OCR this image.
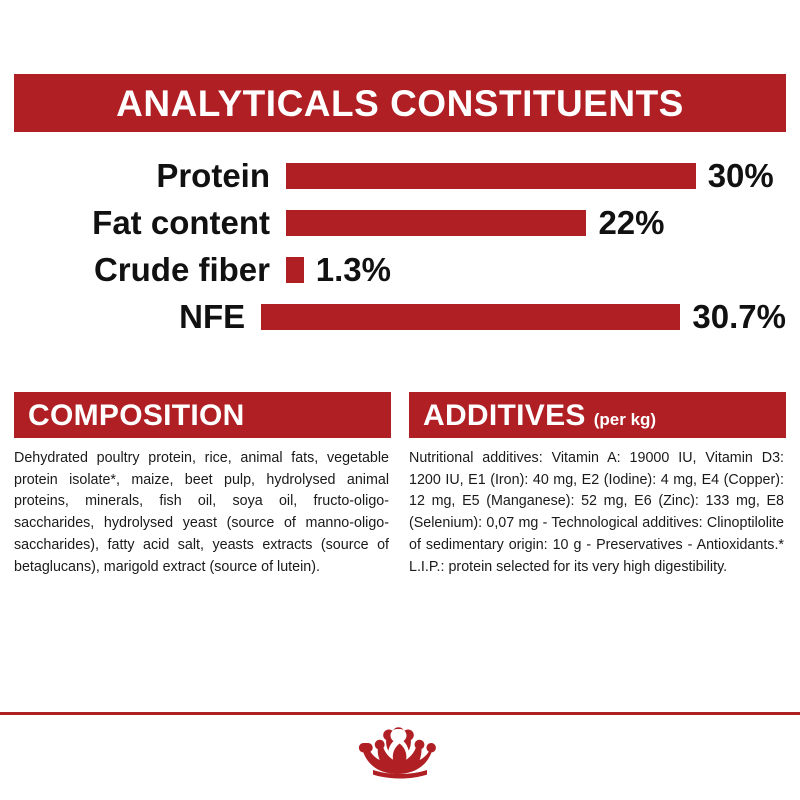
ANALYTICALS CONSTITUENTS
Protein	30%
Fat content	22%
Crude fiber	1.3%
NFE	30.7%
COMPOSITION
Dehydrated poultry protein, rice, animal fats, vegetable protein isolate*, maize, beet pulp, hydrolysed animal proteins, minerals, fish oil, soya oil, fructo-oligo-saccharides, hydrolysed yeast (source of manno-oligo-saccharides), fatty acid salt, yeasts extracts (source of betaglucans), marigold extract (source of lutein).
ADDITIVES (per kg)
Nutritional additives: Vitamin A: 19000 IU, Vitamin D3: 1200 IU, E1 (Iron): 40 mg, E2 (Iodine): 4 mg, E4 (Copper): 12 mg, E5 (Manganese): 52 mg, E6 (Zinc): 133 mg, E8 (Selenium): 0,07 mg - Technological additives: Clinoptilolite of sedimentary origin: 10 g - Preservatives - Antioxidants.* L.I.P.: protein selected for its very high digestibility.
